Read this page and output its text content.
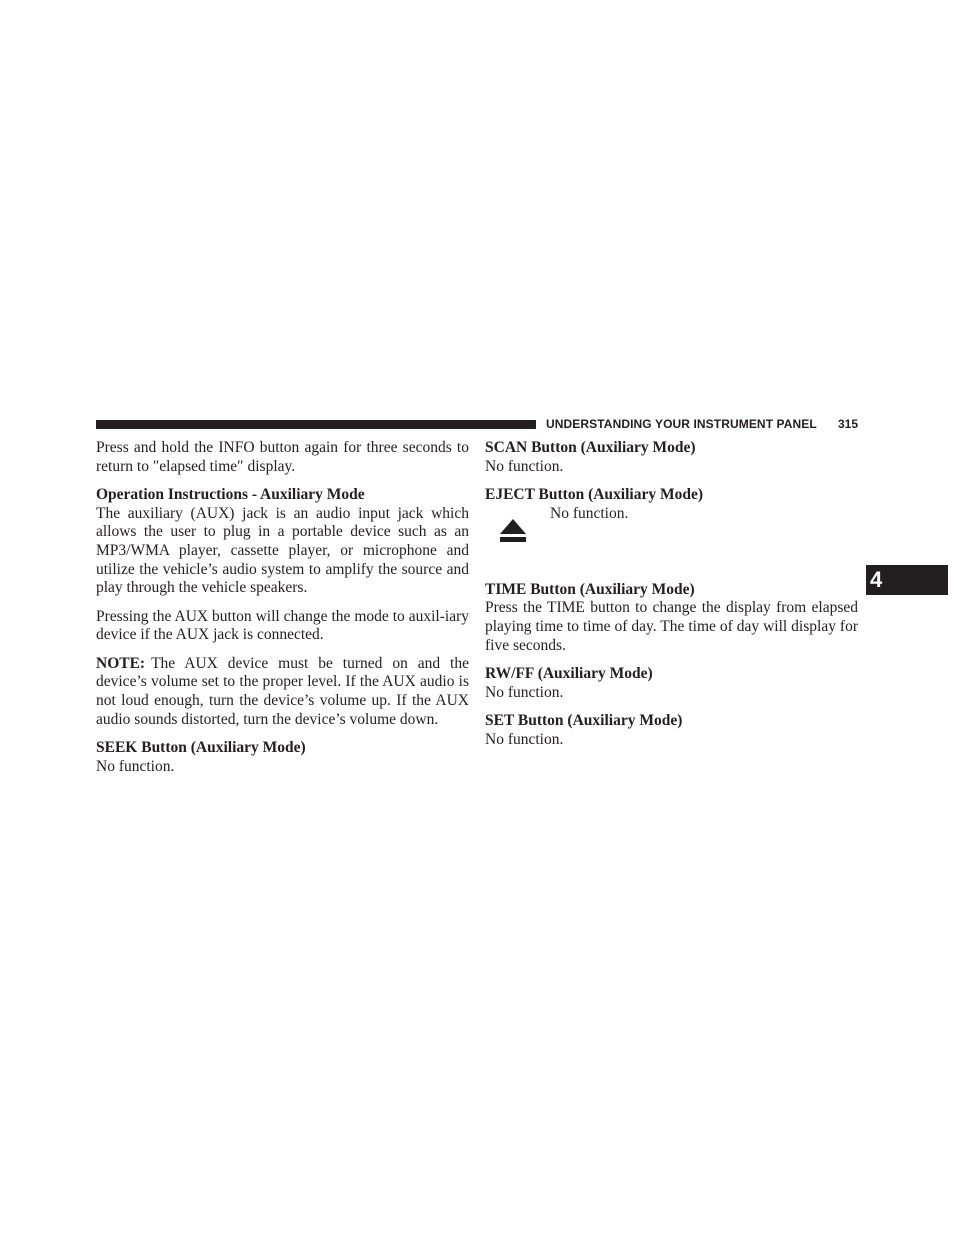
UNDERSTANDING YOUR INSTRUMENT PANEL 315

Press and hold the INFO button again for three seconds to return to ″elapsed time″ display.

Operation Instructions - Auxiliary Mode

The auxiliary (AUX) jack is an audio input jack which allows the user to plug in a portable device such as an MP3/WMA player, cassette player, or microphone and utilize the vehicle’s audio system to amplify the source and play through the vehicle speakers.

Pressing the AUX button will change the mode to auxil-iary device if the AUX jack is connected.

NOTE: The AUX device must be turned on and the device’s volume set to the proper level. If the AUX audio is not loud enough, turn the device’s volume up. If the AUX audio sounds distorted, turn the device’s volume down.

SEEK Button (Auxiliary Mode)

No function.

SCAN Button (Auxiliary Mode)

No function.

EJECT Button (Auxiliary Mode)
No function.
TIME Button (Auxiliary Mode)

Press the TIME button to change the display from elapsed playing time to time of day. The time of day will display for five seconds.

RW/FF (Auxiliary Mode)

No function.

SET Button (Auxiliary Mode)

No function.

4
